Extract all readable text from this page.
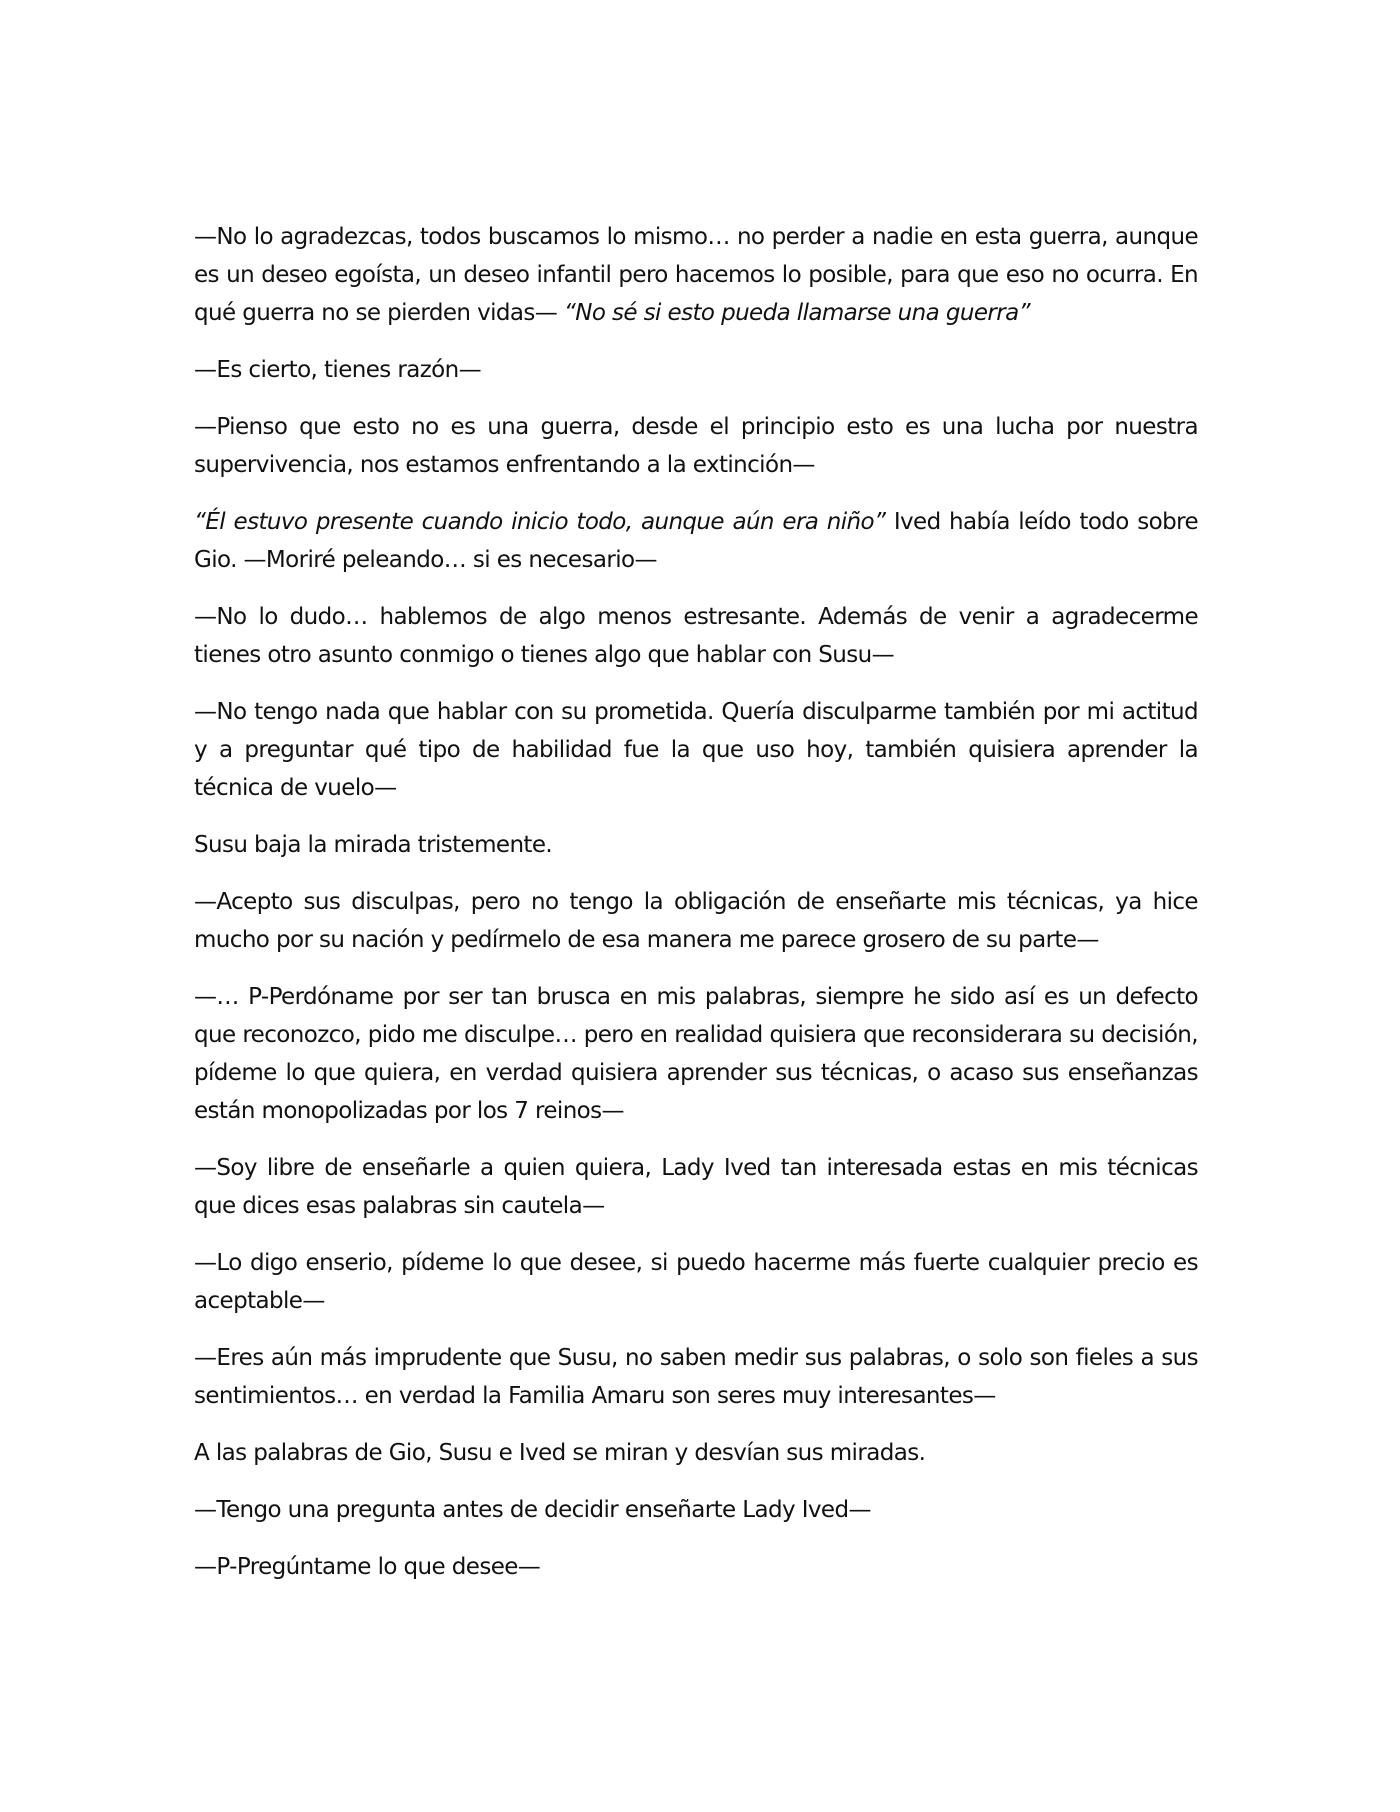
—No lo agradezcas, todos buscamos lo mismo… no perder a nadie en esta guerra, aunque es un deseo egoísta, un deseo infantil pero hacemos lo posible, para que eso no ocurra. En qué guerra no se pierden vidas— “No sé si esto pueda llamarse una guerra”

—Es cierto, tienes razón—

—Pienso que esto no es una guerra, desde el principio esto es una lucha por nuestra supervivencia, nos estamos enfrentando a la extinción—

“Él estuvo presente cuando inicio todo, aunque aún era niño” Ived había leído todo sobre Gio. —Moriré peleando… si es necesario—

—No lo dudo… hablemos de algo menos estresante. Además de venir a agradecerme tienes otro asunto conmigo o tienes algo que hablar con Susu—

—No tengo nada que hablar con su prometida. Quería disculparme también por mi actitud y a preguntar qué tipo de habilidad fue la que uso hoy, también quisiera aprender la técnica de vuelo—

Susu baja la mirada tristemente.

—Acepto sus disculpas, pero no tengo la obligación de enseñarte mis técnicas, ya hice mucho por su nación y pedírmelo de esa manera me parece grosero de su parte—

—… P-Perdóname por ser tan brusca en mis palabras, siempre he sido así es un defecto que reconozco, pido me disculpe… pero en realidad quisiera que reconsiderara su decisión, pídeme lo que quiera, en verdad quisiera aprender sus técnicas, o acaso sus enseñanzas están monopolizadas por los 7 reinos—

—Soy libre de enseñarle a quien quiera, Lady Ived tan interesada estas en mis técnicas que dices esas palabras sin cautela—

—Lo digo enserio, pídeme lo que desee, si puedo hacerme más fuerte cualquier precio es aceptable—

—Eres aún más imprudente que Susu, no saben medir sus palabras, o solo son fieles a sus sentimientos… en verdad la Familia Amaru son seres muy interesantes—

A las palabras de Gio, Susu e Ived se miran y desvían sus miradas.

—Tengo una pregunta antes de decidir enseñarte Lady Ived—

—P-Pregúntame lo que desee—
